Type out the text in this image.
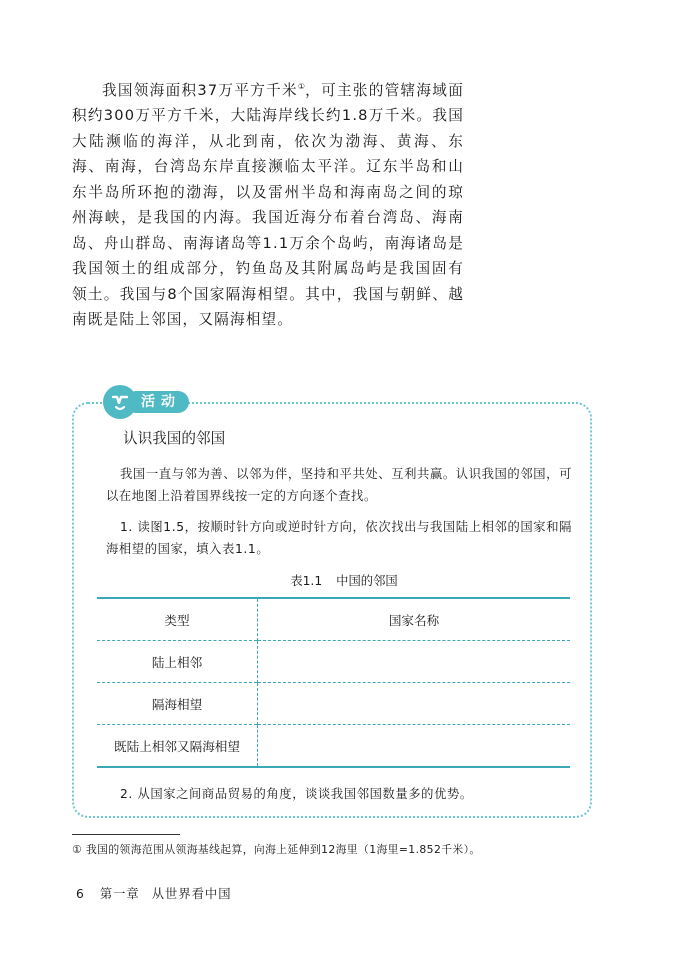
我国领海面积37万平方千米①，可主张的管辖海域面积约300万平方千米，大陆海岸线长约1.8万千米。我国大陆濒临的海洋，从北到南，依次为渤海、黄海、东海、南海，台湾岛东岸直接濒临太平洋。辽东半岛和山东半岛所环抱的渤海，以及雷州半岛和海南岛之间的琼州海峡，是我国的内海。我国近海分布着台湾岛、海南岛、舟山群岛、南海诸岛等1.1万余个岛屿，南海诸岛是我国领土的组成部分，钓鱼岛及其附属岛屿是我国固有领土。我国与8个国家隔海相望。其中，我国与朝鲜、越南既是陆上邻国，又隔海相望。

活动

认识我国的邻国

我国一直与邻为善、以邻为伴，坚持和平共处、互利共赢。认识我国的邻国，可以在地图上沿着国界线按一定的方向逐个查找。

1. 读图1.5，按顺时针方向或逆时针方向，依次找出与我国陆上相邻的国家和隔海相望的国家，填入表1.1。

表1.1 中国的邻国

类型	国家名称
陆上相邻	
隔海相望	
既陆上相邻又隔海相望	

2. 从国家之间商品贸易的角度，谈谈我国邻国数量多的优势。

① 我国的领海范围从领海基线起算，向海上延伸到12海里（1海里=1.852千米）。

6 第一章 从世界看中国
